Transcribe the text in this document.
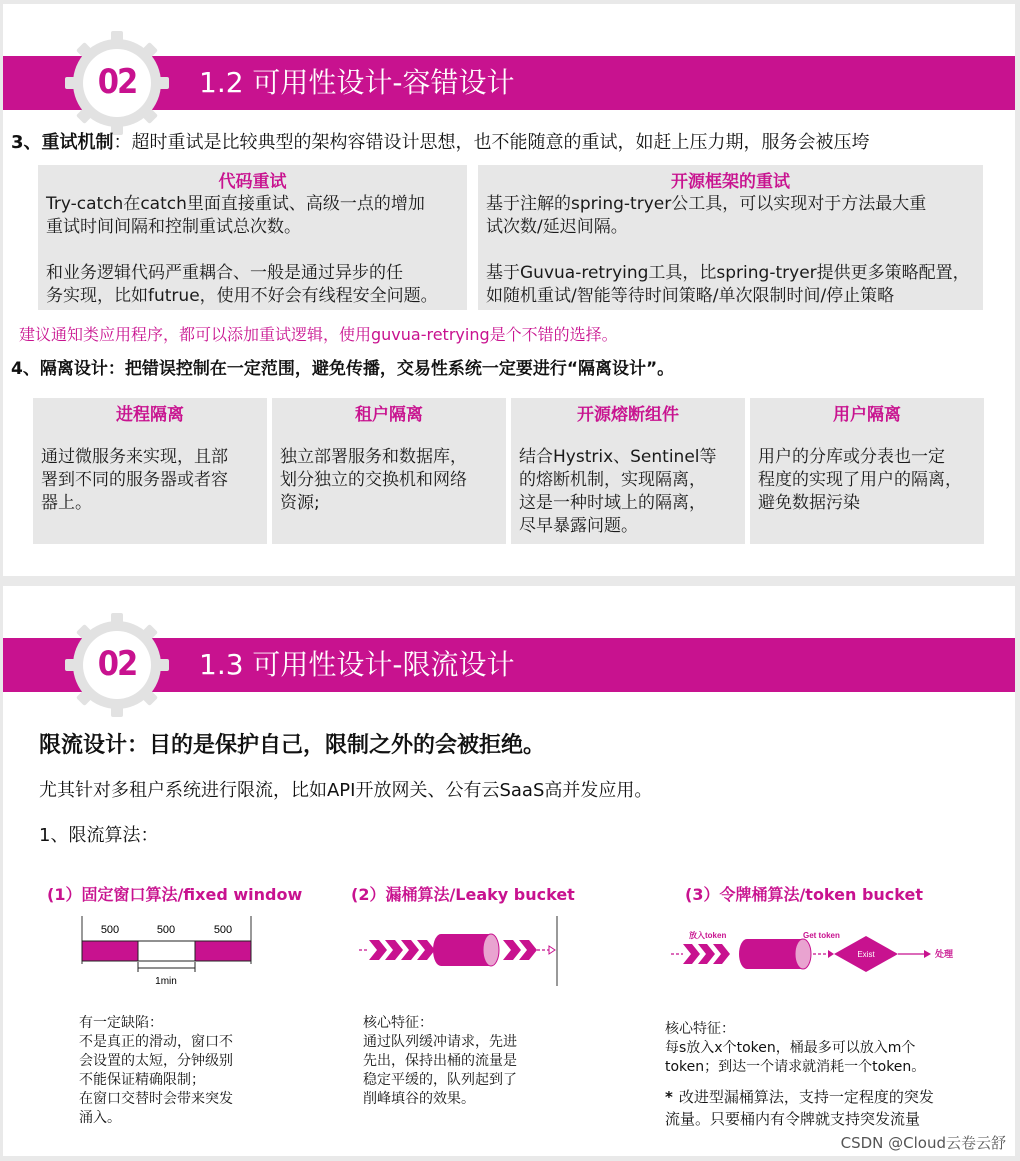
1.2 可用性设计-容错设计
02
3、重试机制：超时重试是比较典型的架构容错设计思想，也不能随意的重试，如赶上压力期，服务会被压垮
代码重试
Try-catch在catch里面直接重试、高级一点的增加
重试时间间隔和控制重试总次数。
和业务逻辑代码严重耦合、一般是通过异步的任
务实现，比如futrue，使用不好会有线程安全问题。
开源框架的重试
基于注解的spring-tryer公工具，可以实现对于方法最大重
试次数/延迟间隔。
基于Guvua-retrying工具，比spring-tryer提供更多策略配置，
如随机重试/智能等待时间策略/单次限制时间/停止策略
建议通知类应用程序，都可以添加重试逻辑，使用guvua-retrying是个不错的选择。
4、隔离设计：把错误控制在一定范围，避免传播，交易性系统一定要进行“隔离设计”。
进程隔离
通过微服务来实现，且部
署到不同的服务器或者容
器上。
租户隔离
独立部署服务和数据库，
划分独立的交换机和网络
资源;
开源熔断组件
结合Hystrix、Sentinel等
的熔断机制，实现隔离，
这是一种时域上的隔离，
尽早暴露问题。
用户隔离
用户的分库或分表也一定
程度的实现了用户的隔离，
避免数据污染
1.3 可用性设计-限流设计
02
限流设计：目的是保护自己，限制之外的会被拒绝。
尤其针对多租户系统进行限流，比如API开放网关、公有云SaaS高并发应用。
1、限流算法：
(1）固定窗口算法/fixed window
500	500	500
1min
有一定缺陷：
不是真正的滑动，窗口不
会设置的太短，分钟级别
不能保证精确限制；
在窗口交替时会带来突发
涌入。
(2）漏桶算法/Leaky bucket
核心特征：
通过队列缓冲请求，先进
先出，保持出桶的流量是
稳定平缓的，队列起到了
削峰填谷的效果。
(3）令牌桶算法/token bucket
放入token	Get token
Exist	处理
核心特征：
每s放入x个token，桶最多可以放入m个
token；到达一个请求就消耗一个token。
* 改进型漏桶算法，支持一定程度的突发
流量。只要桶内有令牌就支持突发流量
CSDN @Cloud云卷云舒
